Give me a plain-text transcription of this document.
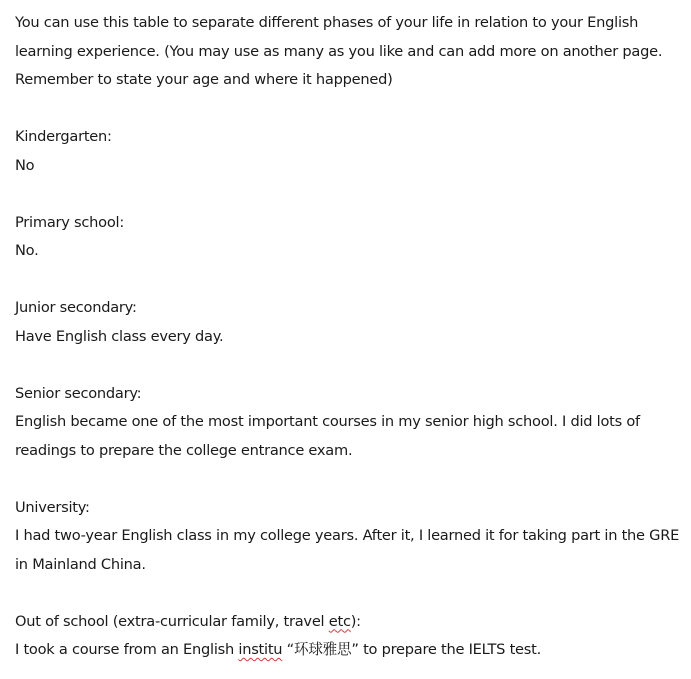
You can use this table to separate different phases of your life in relation to your English

learning experience. (You may use as many as you like and can add more on another page.

Remember to state your age and where it happened)

Kindergarten:

No

Primary school:

No.

Junior secondary:

Have English class every day.

Senior secondary:

English became one of the most important courses in my senior high school. I did lots of

readings to prepare the college entrance exam.

University:

I had two-year English class in my college years. After it, I learned it for taking part in the GRE

in Mainland China.

Out of school (extra-curricular family, travel etc):

I took a course from an English institu “环球雅思” to prepare the IELTS test.
